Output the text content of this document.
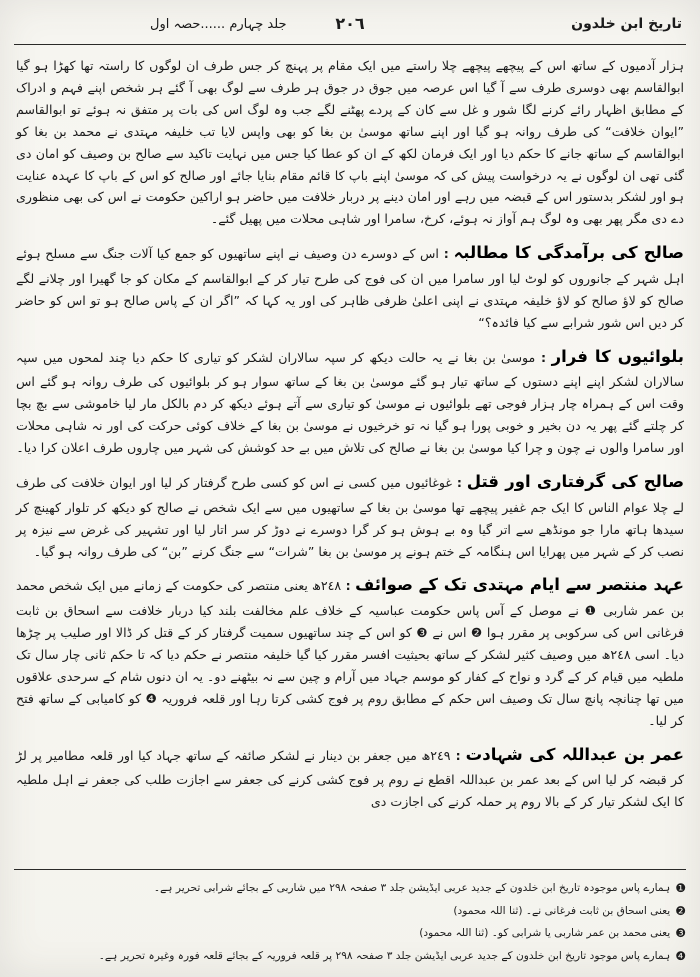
جلد چہارم ......حصہ اول	٢٠٦	تاریخ ابن خلدون

ہزار آدمیوں کے ساتھ اس کے پیچھے پیچھے چلا راستے میں ایک مقام پر پہنچ کر جس طرف ان لوگوں کا راستہ تھا کھڑا ہو گیا ابوالقاسم بھی دوسری طرف سے آ گیا اس عرصہ میں جوق در جوق ہر طرف سے لوگ بھی آ گئے ہر شخص اپنے فہم و ادراک کے مطابق اظہار رائے کرنے لگا شور و غل سے کان کے پردے پھٹنے لگے جب وہ لوگ اس کی بات پر متفق نہ ہوئے تو ابوالقاسم ”ایوان خلافت“ کی طرف روانہ ہو گیا اور اپنے ساتھ موسیٰ بن بغا کو بھی واپس لایا تب خلیفہ مہتدی نے محمد بن بغا کو ابوالقاسم کے ساتھ جانے کا حکم دیا اور ایک فرمان لکھ کے ان کو عطا کیا جس میں نہایت تاکید سے صالح بن وصیف کو امان دی گئی تھی ان لوگوں نے یہ درخواست پیش کی کہ موسیٰ اپنے باپ کا قائم مقام بنایا جائے اور صالح کو اس کے باپ کا عہدہ عنایت ہو اور لشکر بدستور اس کے قبضہ میں رہے اور امان دینے پر دربار خلافت میں حاضر ہو اراکین حکومت نے اس کی بھی منظوری دے دی مگر پھر بھی وہ لوگ ہم آواز نہ ہوئے، کرخ، سامرا اور شاہی محلات میں پھیل گئے۔

صالح کی برآمدگی کا مطالبہ : اس کے دوسرے دن وصیف نے اپنے ساتھیوں کو جمع کیا آلات جنگ سے مسلح ہوئے اہل شہر کے جانوروں کو لوٹ لیا اور سامرا میں ان کی فوج کی طرح تیار کر کے ابوالقاسم کے مکان کو جا گھیرا اور چلانے لگے صالح کو لاؤ صالح کو لاؤ خلیفہ مہتدی نے اپنی اعلیٰ ظرفی ظاہر کی اور یہ کہا کہ ”اگر ان کے پاس صالح ہو تو اس کو حاضر کر دیں اس شور شرابے سے کیا فائدہ؟“

بلوائیوں کا فرار : موسیٰ بن بغا نے یہ حالت دیکھ کر سپہ سالاران لشکر کو تیاری کا حکم دیا چند لمحوں میں سپہ سالاران لشکر اپنے اپنے دستوں کے ساتھ تیار ہو گئے موسیٰ بن بغا کے ساتھ سوار ہو کر بلوائیوں کی طرف روانہ ہو گئے اس وقت اس کے ہمراہ چار ہزار فوجی تھے بلوائیوں نے موسیٰ کو تیاری سے آتے ہوئے دیکھ کر دم بالکل مار لیا خاموشی سے بچ بچا کر چلتے گئے پھر یہ دن بخیر و خوبی پورا ہو گیا نہ تو خرخیوں نے موسیٰ بن بغا کے خلاف کوئی حرکت کی اور نہ شاہی محلات اور سامرا والوں نے چون و چرا کیا موسیٰ بن بغا نے صالح کی تلاش میں بے حد کوشش کی شہر میں چاروں طرف اعلان کرا دیا۔

صالح کی گرفتاری اور قتل : غوغائیوں میں کسی نے اس کو کسی طرح گرفتار کر لیا اور ایوان خلافت کی طرف لے چلا عوام الناس کا ایک جم غفیر پیچھے تھا موسیٰ بن بغا کے ساتھیوں میں سے ایک شخص نے صالح کو دیکھ کر تلوار کھینچ کر سیدھا ہاتھ مارا جو مونڈھے سے اتر گیا وہ بے ہوش ہو کر گرا دوسرے نے دوڑ کر سر اتار لیا اور تشہیر کی غرض سے نیزہ پر نصب کر کے شہر میں پھرایا اس ہنگامہ کے ختم ہونے پر موسیٰ بن بغا ”شرات“ سے جنگ کرنے ”بن“ کی طرف روانہ ہو گیا۔

عہد منتصر سے ایام مہتدی تک کے صوائف : ٢٤٨ھ یعنی منتصر کی حکومت کے زمانے میں ایک شخص محمد بن عمر شاربی ❶ نے موصل کے آس پاس حکومت عباسیہ کے خلاف علم مخالفت بلند کیا دربار خلافت سے اسحاق بن ثابت فرغانی اس کی سرکوبی پر مقرر ہوا ❷ اس نے ❸ کو اس کے چند ساتھیوں سمیت گرفتار کر کے قتل کر ڈالا اور صلیب پر چڑھا دیا۔ اسی ٢٤٨ھ میں وصیف کثیر لشکر کے ساتھ بحیثیت افسر مقرر کیا گیا خلیفہ منتصر نے حکم دیا کہ تا حکم ثانی چار سال تک ملطیہ میں قیام کر کے گرد و نواح کے کفار کو موسم جہاد میں آرام و چین سے نہ بیٹھنے دو۔ یہ ان دنوں شام کے سرحدی علاقوں میں تھا چنانچہ پانچ سال تک وصیف اس حکم کے مطابق روم پر فوج کشی کرتا رہا اور قلعہ فروریہ ❹ کو کامیابی کے ساتھ فتح کر لیا۔

عمر بن عبداللہ کی شہادت : ٢٤٩ھ میں جعفر بن دینار نے لشکر صائفہ کے ساتھ جہاد کیا اور قلعہ مطامیر پر لڑ کر قبضہ کر لیا اس کے بعد عمر بن عبداللہ اقطع نے روم پر فوج کشی کرنے کی جعفر سے اجازت طلب کی جعفر نے اہل ملطیہ کا ایک لشکر تیار کر کے بالا روم پر حملہ کرنے کی اجازت دی

❶ہمارے پاس موجودہ تاریخ ابن خلدون کے جدید عربی ایڈیشن جلد ٣ صفحہ ٢٩٨ میں شاربی کے بجائے شرابی تحریر ہے۔
❷یعنی اسحاق بن ثابت فرغانی نے۔ (ثنا اللہ محمود)
❸یعنی محمد بن عمر شاربی یا شرابی کو۔ (ثنا اللہ محمود)
❹ہمارے پاس موجود تاریخ ابن خلدون کے جدید عربی ایڈیشن جلد ٣ صفحہ ٢٩٨ پر قلعہ فروریہ کے بجائے قلعہ فورہ وغیرہ تحریر ہے۔
